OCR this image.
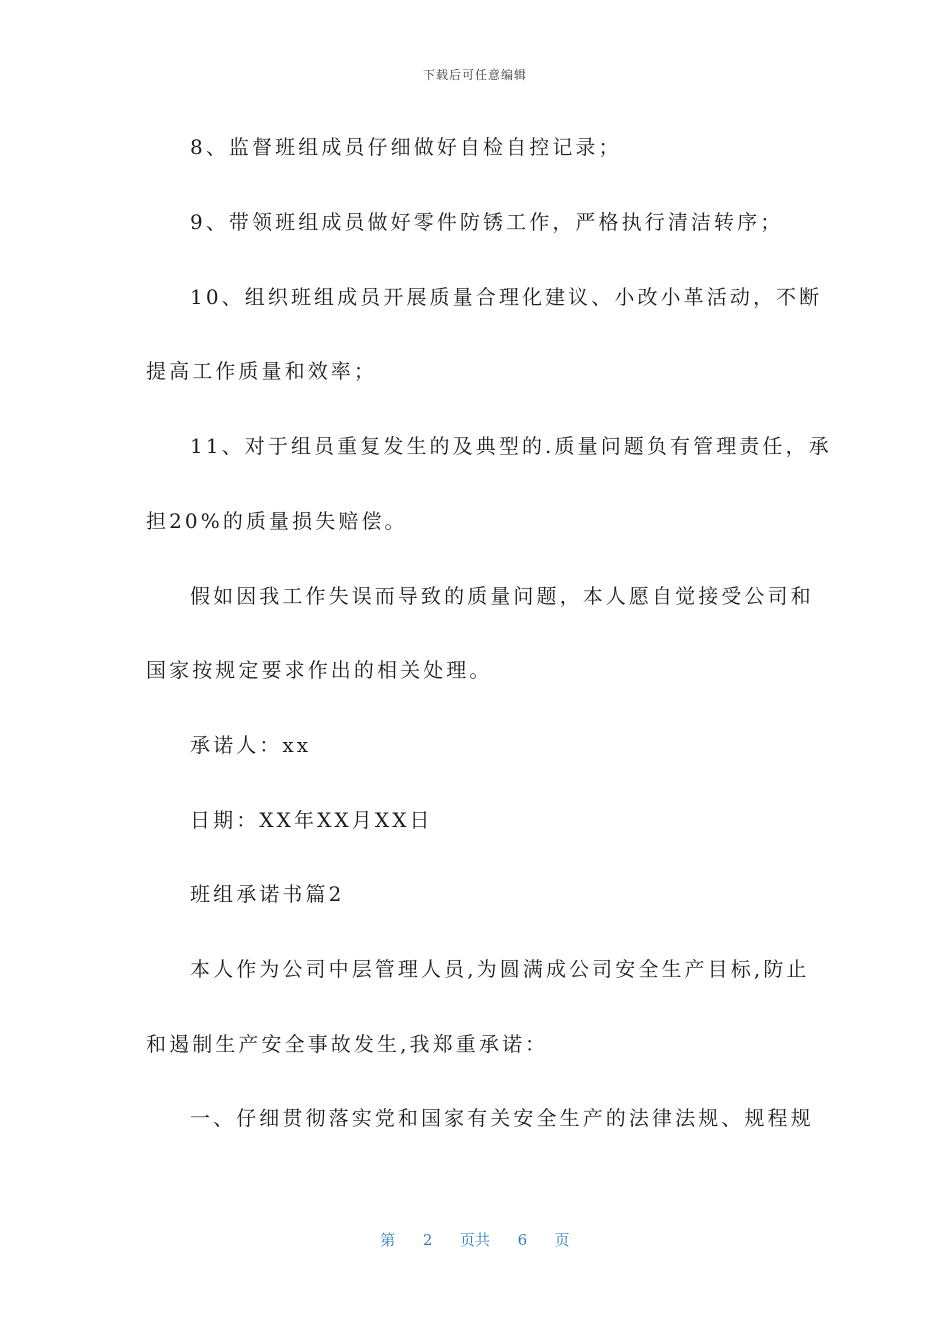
下载后可任意编辑
8、监督班组成员仔细做好自检自控记录；
9、带领班组成员做好零件防锈工作，严格执行清洁转序；
10、组织班组成员开展质量合理化建议、小改小革活动，不断
提高工作质量和效率；
11、对于组员重复发生的及典型的.质量问题负有管理责任，承
担20%的质量损失赔偿。
假如因我工作失误而导致的质量问题，本人愿自觉接受公司和
国家按规定要求作出的相关处理。
承诺人：xx
日期：XX年XX月XX日
班组承诺书篇2
本人作为公司中层管理人员,为圆满成公司安全生产目标,防止
和遏制生产安全事故发生,我郑重承诺：
一、仔细贯彻落实党和国家有关安全生产的法律法规、规程规
第 2 页共 6 页
